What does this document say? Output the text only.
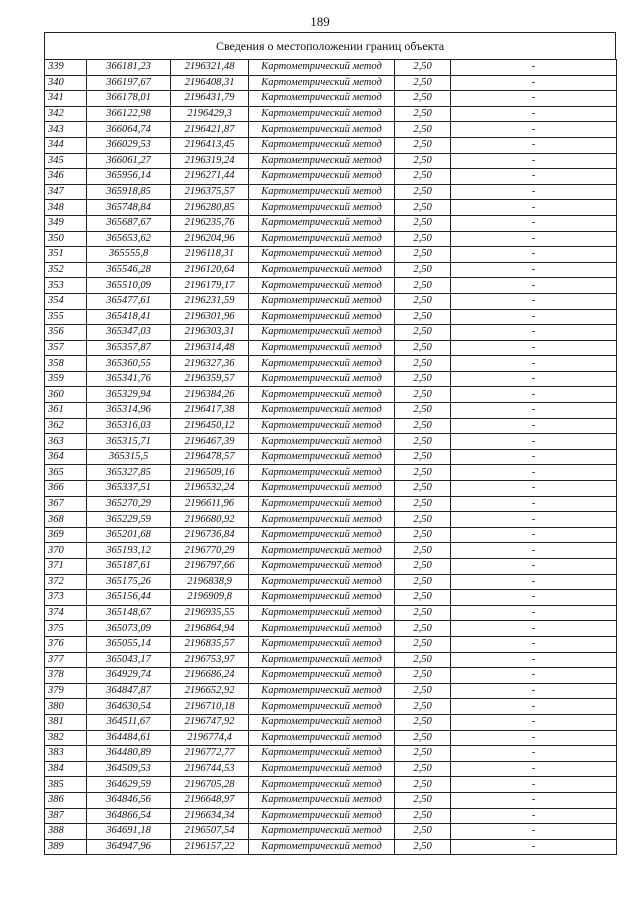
189
Сведения о местоположении границ объекта
339	366181,23	2196321,48	Картометрический метод	2,50	-
340	366197,67	2196408,31	Картометрический метод	2,50	-
341	366178,01	2196431,79	Картометрический метод	2,50	-
342	366122,98	2196429,3	Картометрический метод	2,50	-
343	366064,74	2196421,87	Картометрический метод	2,50	-
344	366029,53	2196413,45	Картометрический метод	2,50	-
345	366061,27	2196319,24	Картометрический метод	2,50	-
346	365956,14	2196271,44	Картометрический метод	2,50	-
347	365918,85	2196375,57	Картометрический метод	2,50	-
348	365748,84	2196280,85	Картометрический метод	2,50	-
349	365687,67	2196235,76	Картометрический метод	2,50	-
350	365653,62	2196204,96	Картометрический метод	2,50	-
351	365555,8	2196118,31	Картометрический метод	2,50	-
352	365546,28	2196120,64	Картометрический метод	2,50	-
353	365510,09	2196179,17	Картометрический метод	2,50	-
354	365477,61	2196231,59	Картометрический метод	2,50	-
355	365418,41	2196301,96	Картометрический метод	2,50	-
356	365347,03	2196303,31	Картометрический метод	2,50	-
357	365357,87	2196314,48	Картометрический метод	2,50	-
358	365360,55	2196327,36	Картометрический метод	2,50	-
359	365341,76	2196359,57	Картометрический метод	2,50	-
360	365329,94	2196384,26	Картометрический метод	2,50	-
361	365314,96	2196417,38	Картометрический метод	2,50	-
362	365316,03	2196450,12	Картометрический метод	2,50	-
363	365315,71	2196467,39	Картометрический метод	2,50	-
364	365315,5	2196478,57	Картометрический метод	2,50	-
365	365327,85	2196509,16	Картометрический метод	2,50	-
366	365337,51	2196532,24	Картометрический метод	2,50	-
367	365270,29	2196611,96	Картометрический метод	2,50	-
368	365229,59	2196680,92	Картометрический метод	2,50	-
369	365201,68	2196736,84	Картометрический метод	2,50	-
370	365193,12	2196770,29	Картометрический метод	2,50	-
371	365187,61	2196797,66	Картометрический метод	2,50	-
372	365175,26	2196838,9	Картометрический метод	2,50	-
373	365156,44	2196909,8	Картометрический метод	2,50	-
374	365148,67	2196935,55	Картометрический метод	2,50	-
375	365073,09	2196864,94	Картометрический метод	2,50	-
376	365055,14	2196835,57	Картометрический метод	2,50	-
377	365043,17	2196753,97	Картометрический метод	2,50	-
378	364929,74	2196686,24	Картометрический метод	2,50	-
379	364847,87	2196652,92	Картометрический метод	2,50	-
380	364630,54	2196710,18	Картометрический метод	2,50	-
381	364511,67	2196747,92	Картометрический метод	2,50	-
382	364484,61	2196774,4	Картометрический метод	2,50	-
383	364480,89	2196772,77	Картометрический метод	2,50	-
384	364509,53	2196744,53	Картометрический метод	2,50	-
385	364629,59	2196705,28	Картометрический метод	2,50	-
386	364846,56	2196648,97	Картометрический метод	2,50	-
387	364866,54	2196634,34	Картометрический метод	2,50	-
388	364691,18	2196507,54	Картометрический метод	2,50	-
389	364947,96	2196157,22	Картометрический метод	2,50	-
